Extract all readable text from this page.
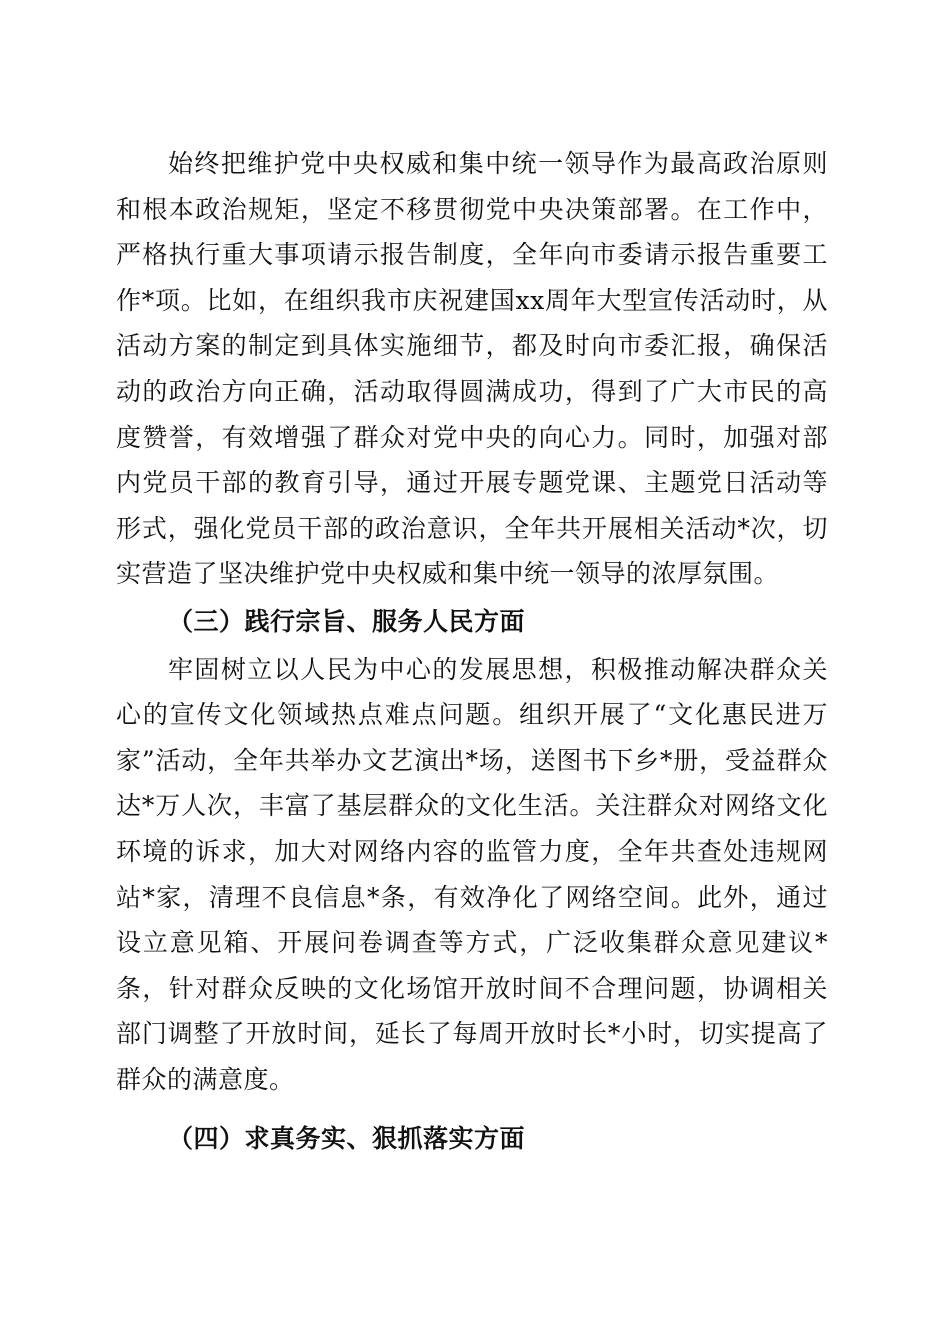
始终把维护党中央权威和集中统一领导作为最高政治原则和根本政治规矩，坚定不移贯彻党中央决策部署。在工作中，严格执行重大事项请示报告制度，全年向市委请示报告重要工作*项。比如，在组织我市庆祝建国xx周年大型宣传活动时，从活动方案的制定到具体实施细节，都及时向市委汇报，确保活动的政治方向正确，活动取得圆满成功，得到了广大市民的高度赞誉，有效增强了群众对党中央的向心力。同时，加强对部内党员干部的教育引导，通过开展专题党课、主题党日活动等形式，强化党员干部的政治意识，全年共开展相关活动*次，切实营造了坚决维护党中央权威和集中统一领导的浓厚氛围。

（三）践行宗旨、服务人民方面

牢固树立以人民为中心的发展思想，积极推动解决群众关心的宣传文化领域热点难点问题。组织开展了“文化惠民进万家”活动，全年共举办文艺演出*场，送图书下乡*册，受益群众达*万人次，丰富了基层群众的文化生活。关注群众对网络文化环境的诉求，加大对网络内容的监管力度，全年共查处违规网站*家，清理不良信息*条，有效净化了网络空间。此外，通过设立意见箱、开展问卷调查等方式，广泛收集群众意见建议*条，针对群众反映的文化场馆开放时间不合理问题，协调相关部门调整了开放时间，延长了每周开放时长*小时，切实提高了群众的满意度。

（四）求真务实、狠抓落实方面
